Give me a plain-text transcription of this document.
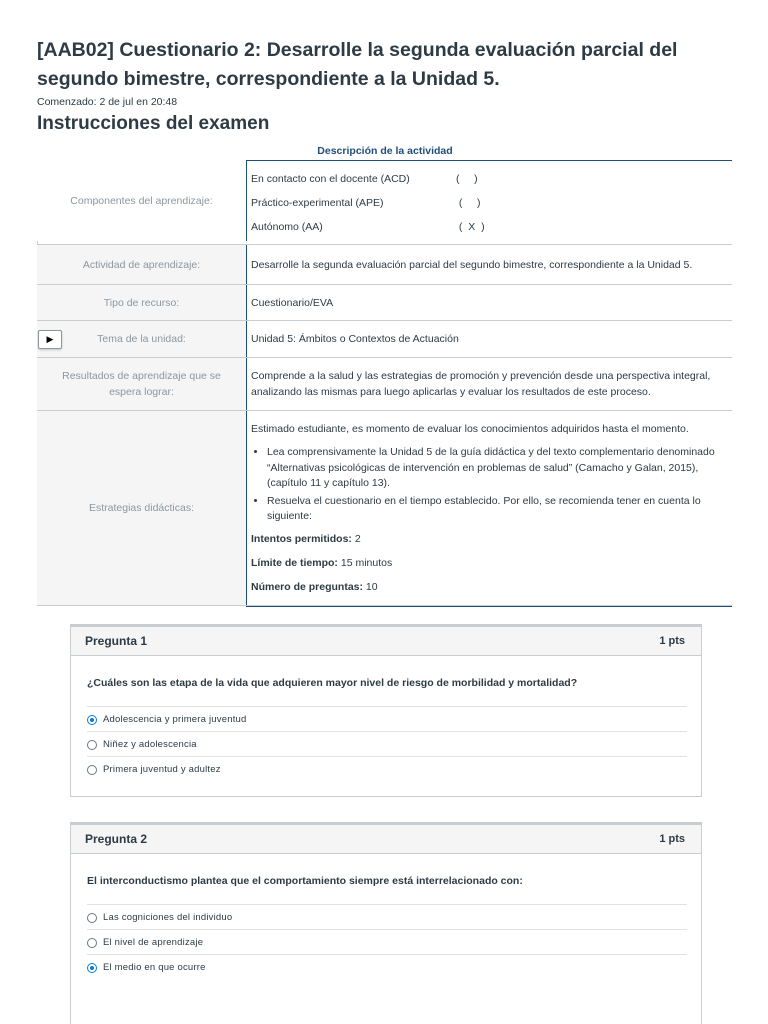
[AAB02] Cuestionario 2: Desarrolle la segunda evaluación parcial del segundo bimestre, correspondiente a la Unidad 5.
Comenzado: 2 de jul en 20:48
Instrucciones del examen
Descripción de la actividad
Componentes del aprendizaje:
En contacto con el docente (ACD)	(     )
Práctico-experimental (APE)	(     )
Autónomo (AA)	(  X  )
Actividad de aprendizaje:	Desarrolle la segunda evaluación parcial del segundo bimestre, correspondiente a la Unidad 5.
Tipo de recurso:	Cuestionario/EVA
Tema de la unidad:
▶	Unidad 5: Ámbitos o Contextos de Actuación
Resultados de aprendizaje que se espera lograr:
Comprende a la salud y las estrategias de promoción y prevención desde una perspectiva integral, analizando las mismas para luego aplicarlas y evaluar los resultados de este proceso.
Estrategias didácticas:

Estimado estudiante, es momento de evaluar los conocimientos adquiridos hasta el momento.

• Lea comprensivamente la Unidad 5 de la guía didáctica y del texto complementario denominado “Alternativas psicológicas de intervención en problemas de salud” (Camacho y Galan, 2015), (capítulo 11 y capítulo 13).
• Resuelva el cuestionario en el tiempo establecido. Por ello, se recomienda tener en cuenta lo siguiente:

Intentos permitidos: 2

Límite de tiempo: 15 minutos

Número de preguntas: 10

Pregunta 1	1 pts
¿Cuáles son las etapa de la vida que adquieren mayor nivel de riesgo de morbilidad y mortalidad?
Adolescencia y primera juventud
Niñez y adolescencia
Primera juventud y adultez
Pregunta 2	1 pts
El interconductismo plantea que el comportamiento siempre está interrelacionado con:
Las cogniciones del individuo
El nivel de aprendizaje
El medio en que ocurre
